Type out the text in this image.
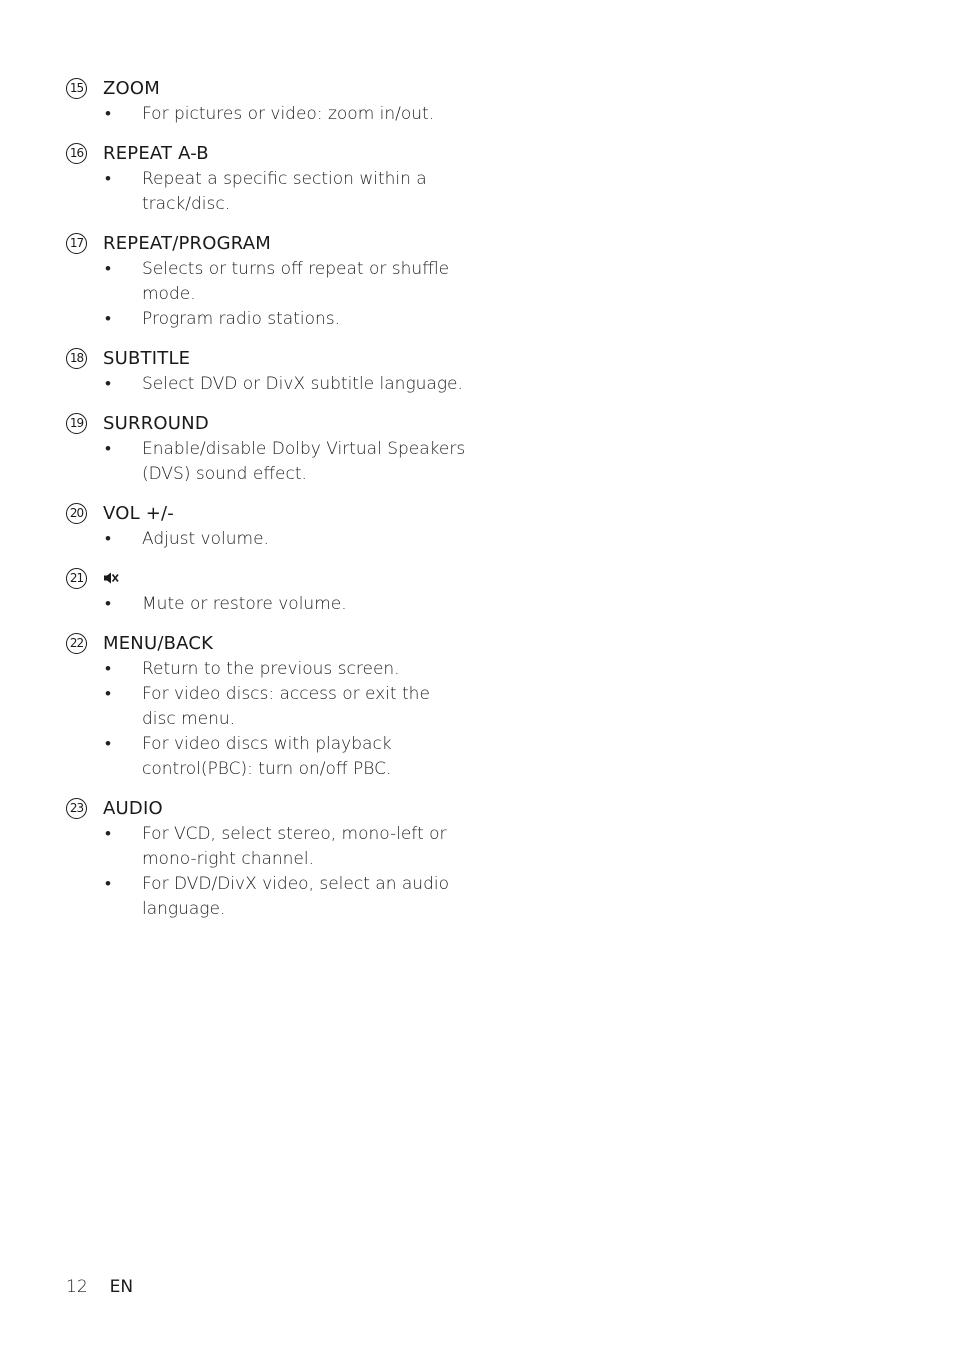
15 ZOOM
• For pictures or video: zoom in/out.
16 REPEAT A-B
• Repeat a specific section within a track/disc.
17 REPEAT/PROGRAM
• Selects or turns off repeat or shuffle mode.
• Program radio stations.
18 SUBTITLE
• Select DVD or DivX subtitle language.
19 SURROUND
• Enable/disable Dolby Virtual Speakers (DVS) sound effect.
20 VOL +/-
• Adjust volume.
21
• Mute or restore volume.
22 MENU/BACK
• Return to the previous screen.
• For video discs: access or exit the disc menu.
• For video discs with playback control(PBC): turn on/off PBC.
23 AUDIO
• For VCD, select stereo, mono-left or mono-right channel.
• For DVD/DivX video, select an audio language.
12 EN
